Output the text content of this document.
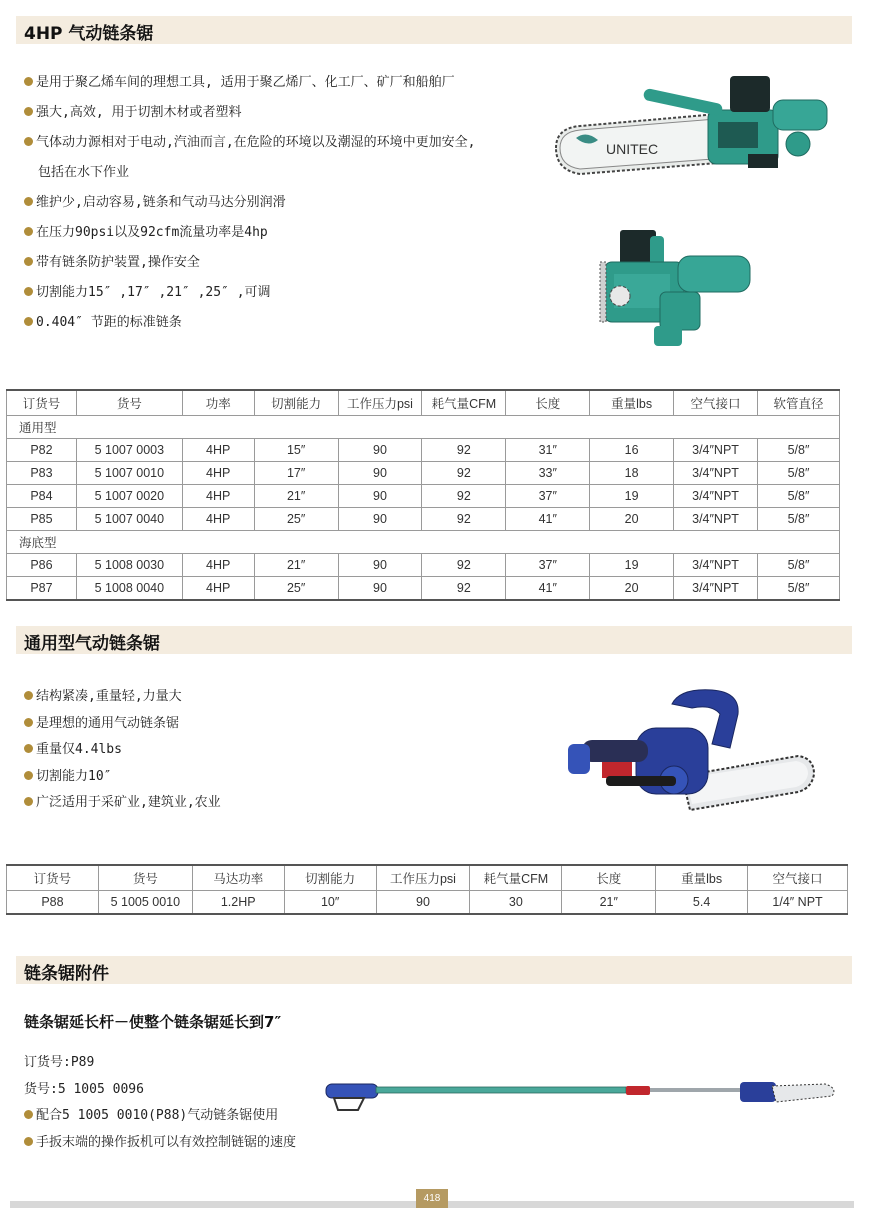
4HP 气动链条锯
是用于聚乙烯车间的理想工具, 适用于聚乙烯厂、化工厂、矿厂和船舶厂
强大,高效, 用于切割木材或者塑料
气体动力源相对于电动,汽油而言,在危险的环境以及潮湿的环境中更加安全,
包括在水下作业
维护少,启动容易,链条和气动马达分别润滑
在压力90psi以及92cfm流量功率是4hp
带有链条防护装置,操作安全
切割能力15″ ,17″ ,21″ ,25″ ,可调
0.404″ 节距的标准链条
UNITEC
订货号	货号	功率	切割能力	工作压力psi	耗气量CFM	长度	重量lbs	空气接口	软管直径
通用型									
P82	5 1007 0003	4HP	15″	90	92	31″	16	3/4″NPT	5/8″
P83	5 1007 0010	4HP	17″	90	92	33″	18	3/4″NPT	5/8″
P84	5 1007 0020	4HP	21″	90	92	37″	19	3/4″NPT	5/8″
P85	5 1007 0040	4HP	25″	90	92	41″	20	3/4″NPT	5/8″
海底型									
P86	5 1008 0030	4HP	21″	90	92	37″	19	3/4″NPT	5/8″
P87	5 1008 0040	4HP	25″	90	92	41″	20	3/4″NPT	5/8″
通用型气动链条锯
结构紧凑,重量轻,力量大
是理想的通用气动链条锯
重量仅4.4lbs
切割能力10″
广泛适用于采矿业,建筑业,农业
订货号	货号	马达功率	切割能力	工作压力psi	耗气量CFM	长度	重量lbs	空气接口
P88	5 1005 0010	1.2HP	10″	90	30	21″	5.4	1/4″ NPT
链条锯附件
链条锯延长杆－使整个链条锯延长到7″
订货号:P89
货号:5 1005 0096
配合5 1005 0010(P88)气动链条锯使用
手扳末端的操作扳机可以有效控制链锯的速度
418
